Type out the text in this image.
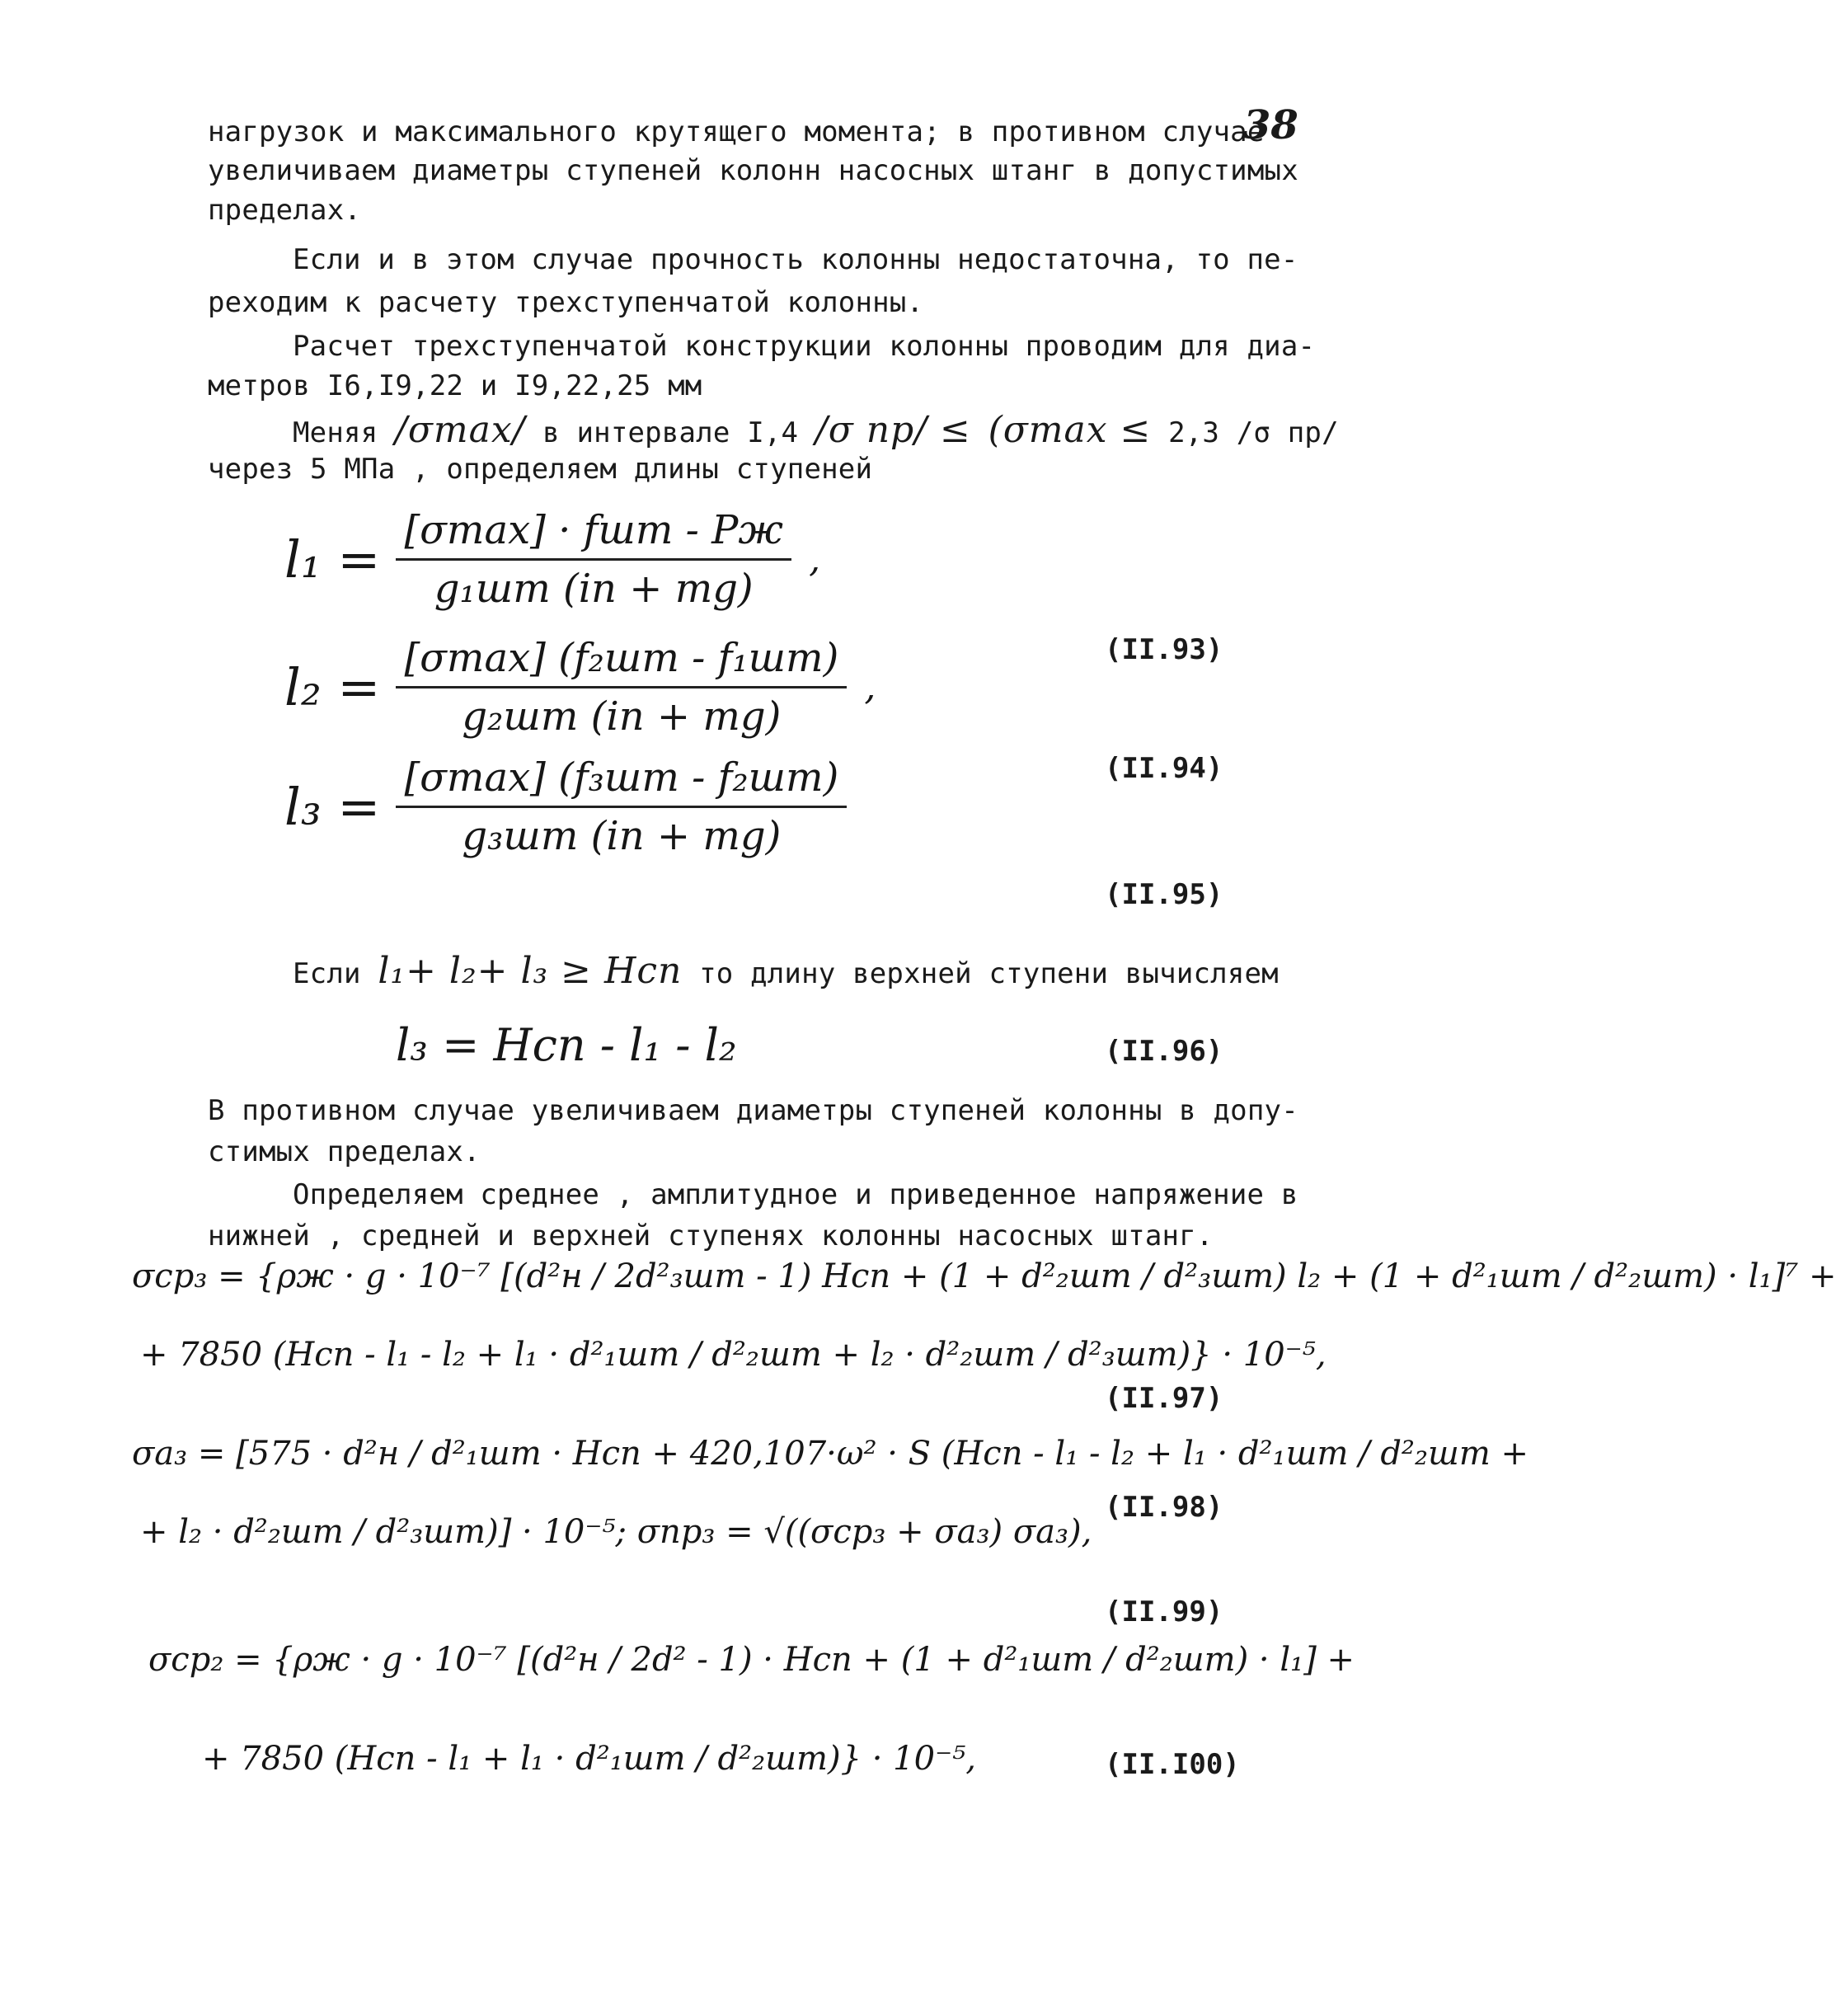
38
нагрузок и максимального крутящего момента; в противном случае
увеличиваем диаметры ступеней колонн насосных штанг в допустимых
пределах.
Если и в этом случае прочность колонны недостаточна, то пе-
реходим к расчету трехступенчатой колонны.
Расчет трехступенчатой конструкции колонны проводим для диа-
метров I6,I9,22 и I9,22,25 мм
Меняя /σmax/ в интервале I,4 /σ пр/ ≤ (σmax ≤ 2,3 /σ пр/
через 5 МПа , определяем длины ступеней
$l_1 = \frac{\text{[σmax] · fшт - Pж}}{\text{g₁шт (in + mg)}}$ ,
(II.93)
$l_2 = \frac{\text{[σmax] (f₂шт - f₁шт)}}{\text{g₂шт (in + mg)}}$ ,
(II.94)
$l_3 = \frac{\text{[σmax] (f₃шт - f₂шт)}}{\text{g₃шт (in + mg)}}$
(II.95)
Если l₁+ l₂+ l₃ ≥ Hсп то длину верхней ступени вычисляем
l₃ = Hсп - l₁ - l₂	(II.96)
В противном случае увеличиваем диаметры ступеней колонны в допу-
стимых пределах.
Определяем среднее , амплитудное и приведенное напряжение в
нижней , средней и верхней ступенях колонны насосных штанг.
σср₃ = {ρж · g · 10⁻⁷ [(d²н / 2d²₃шт - 1) Hсп + (1 + d²₂шт / d²₃шт) l₂ + (1 + d²₁шт / d²₂шт) · l₁]⁷ +
+ 7850 (Hсп - l₁ - l₂ + l₁ · d²₁шт / d²₂шт + l₂ · d²₂шт / d²₃шт)} · 10⁻⁵,
(II.97)
σа₃ = [575 · d²н / d²₁шт · Hсп + 420,107·ω² · S (Hсп - l₁ - l₂ + l₁ · d²₁шт / d²₂шт +
+ l₂ · d²₂шт / d²₃шт)] · 10⁻⁵; σпр₃ = √((σср₃ + σа₃) σа₃),
(II.98)
(II.99)
σср₂ = {ρж · g · 10⁻⁷ [(d²н / 2d² - 1) · Hсп + (1 + d²₁шт / d²₂шт) · l₁] +
+ 7850 (Hсп - l₁ + l₁ · d²₁шт / d²₂шт)} · 10⁻⁵,	(II.I00)
